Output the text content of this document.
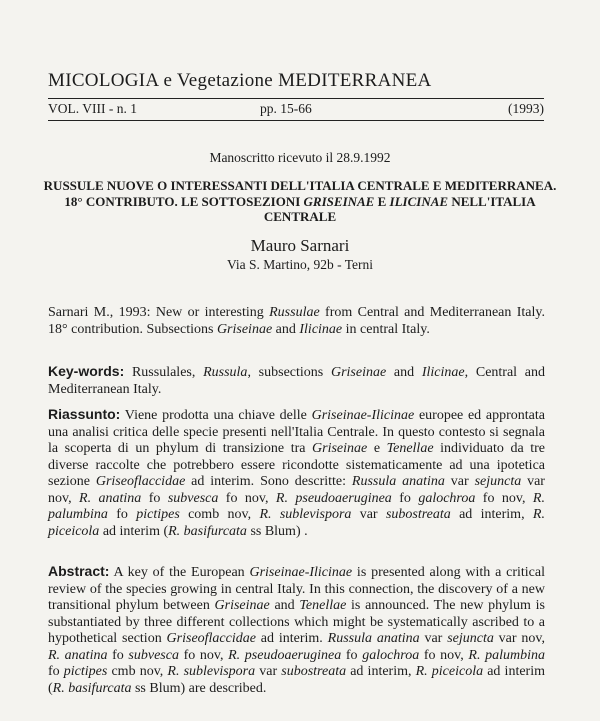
MICOLOGIA e Vegetazione MEDITERRANEA
VOL. VIII - n. 1	pp. 15-66	(1993)
Manoscritto ricevuto il 28.9.1992
RUSSULE NUOVE O INTERESSANTI DELL'ITALIA CENTRALE E MEDITERRANEA. 18° CONTRIBUTO. LE SOTTOSEZIONI GRISEINAE E ILICINAE NELL'ITALIA CENTRALE
Mauro Sarnari
Via S. Martino, 92b - Terni
Sarnari M., 1993: New or interesting Russulae from Central and Mediterranean Italy. 18° contribution. Subsections Griseinae and Ilicinae in central Italy.
Key-words: Russulales, Russula, subsections Griseinae and Ilicinae, Central and Mediterranean Italy.
Riassunto: Viene prodotta una chiave delle Griseinae-Ilicinae europee ed approntata una analisi critica delle specie presenti nell'Italia Centrale. In questo contesto si segnala la scoperta di un phylum di transizione tra Griseinae e Tenellae individuato da tre diverse raccolte che potrebbero essere ricondotte sistematicamente ad una ipotetica sezione Griseoflaccidae ad interim. Sono descritte: Russula anatina var sejuncta var nov, R. anatina fo subvesca fo nov, R. pseudoaeruginea fo galochroa fo nov, R. palumbina fo pictipes comb nov, R. sublevispora var subostreata ad interim, R. piceicola ad interim (R. basifurcata ss Blum) .
Abstract: A key of the European Griseinae-Ilicinae is presented along with a critical review of the species growing in central Italy. In this connection, the discovery of a new transitional phylum between Griseinae and Tenellae is announced. The new phylum is substantiated by three different collections which might be systematically ascribed to a hypothetical section Griseoflaccidae ad interim. Russula anatina var sejuncta var nov, R. anatina fo subvesca fo nov, R. pseudoaeruginea fo galochroa fo nov, R. palumbina fo pictipes cmb nov, R. sublevispora var subostreata ad interim, R. piceicola ad interim (R. basifurcata ss Blum) are described.
